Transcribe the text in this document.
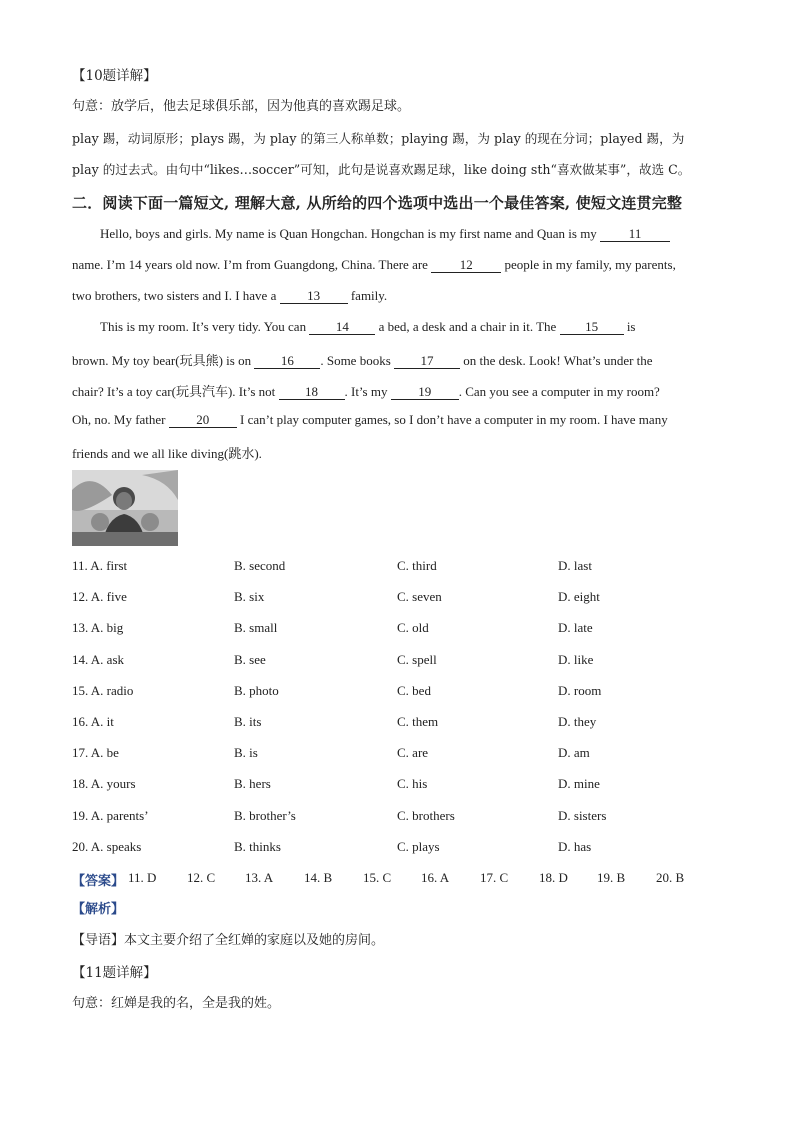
【10题详解】
句意：放学后，他去足球俱乐部，因为他真的喜欢踢足球。
play 踢，动词原形；plays 踢，为 play 的第三人称单数；playing 踢，为 play 的现在分词；played 踢，为
play 的过去式。由句中“likes…soccer”可知，此句是说喜欢踢足球，like doing sth“喜欢做某事”，故选 C。
二．阅读下面一篇短文, 理解大意, 从所给的四个选项中选出一个最佳答案, 使短文连贯完整
Hello, boys and girls. My name is Quan Hongchan. Hongchan is my first name and Quan is my 11
name. I’m 14 years old now. I’m from Guangdong, China. There are 12 people in my family, my parents,
two brothers, two sisters and I. I have a 13 family.
This is my room. It’s very tidy. You can 14 a bed, a desk and a chair in it. The 15 is
brown. My toy bear(玩具熊) is on 16 . Some books 17 on the desk. Look! What’s under the
chair? It’s a toy car(玩具汽车). It’s not 18 . It’s my 19 . Can you see a computer in my room?
Oh, no. My father 20 I can’t play computer games, so I don’t have a computer in my room. I have many
friends and we all like diving(跳水).
11. A. first	B. second	C. third	D. last
12. A. five	B. six	C. seven	D. eight
13. A. big	B. small	C. old	D. late
14. A. ask	B. see	C. spell	D. like
15. A. radio	B. photo	C. bed	D. room
16. A. it	B. its	C. them	D. they
17. A. be	B. is	C. are	D. am
18. A. yours	B. hers	C. his	D. mine
19. A. parents’	B. brother’s	C. brothers	D. sisters
20. A. speaks	B. thinks	C. plays	D. has
【答案】 11. D 12. C 13. A 14. B 15. C 16. A 17. C 18. D 19. B 20. B
【解析】
【导语】本文主要介绍了全红婵的家庭以及她的房间。
【11题详解】
句意：红婵是我的名，全是我的姓。
